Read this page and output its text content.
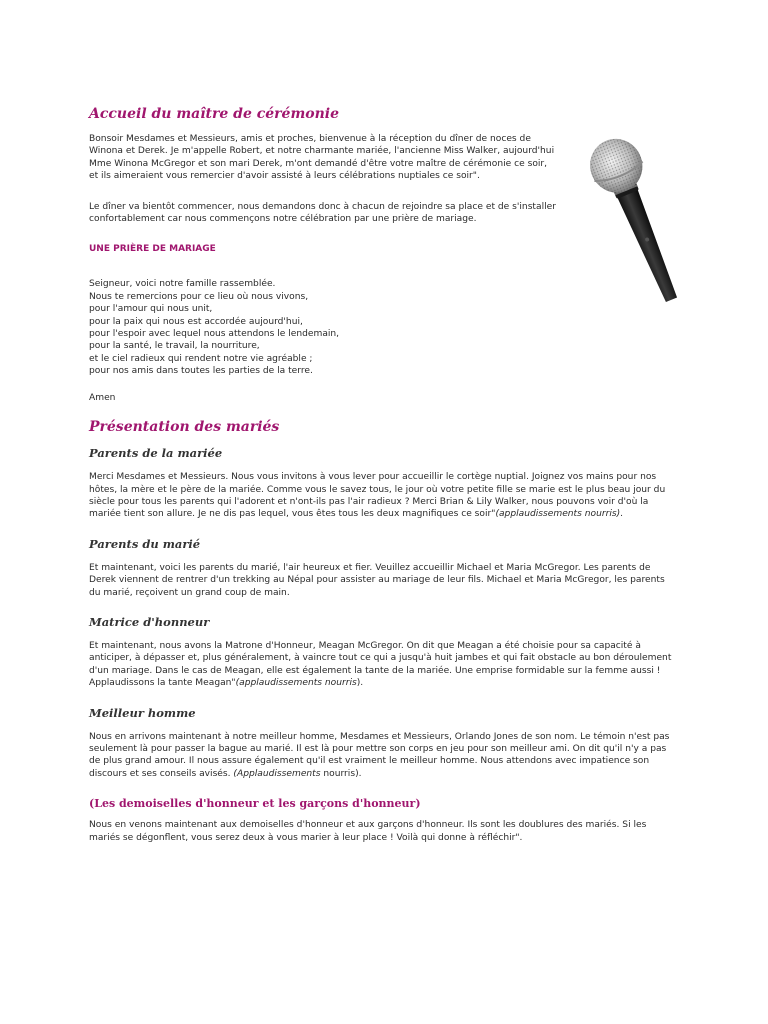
Accueil du maître de cérémonie

Bonsoir Mesdames et Messieurs, amis et proches, bienvenue à la réception du dîner de noces de Winona et Derek. Je m'appelle Robert, et notre charmante mariée, l'ancienne Miss Walker, aujourd'hui Mme Winona McGregor et son mari Derek, m'ont demandé d'être votre maître de cérémonie ce soir, et ils aimeraient vous remercier d'avoir assisté à leurs célébrations nuptiales ce soir".

Le dîner va bientôt commencer, nous demandons donc à chacun de rejoindre sa place et de s'installer confortablement car nous commençons notre célébration par une prière de mariage.

UNE PRIÈRE DE MARIAGE

Seigneur, voici notre famille rassemblée.
Nous te remercions pour ce lieu où nous vivons,
pour l'amour qui nous unit,
pour la paix qui nous est accordée aujourd'hui,
pour l'espoir avec lequel nous attendons le lendemain,
pour la santé, le travail, la nourriture,
et le ciel radieux qui rendent notre vie agréable ;
pour nos amis dans toutes les parties de la terre.

Amen

Présentation des mariés
Parents de la mariée

Merci Mesdames et Messieurs. Nous vous invitons à vous lever pour accueillir le cortège nuptial. Joignez vos mains pour nos hôtes, la mère et le père de la mariée. Comme vous le savez tous, le jour où votre petite fille se marie est le plus beau jour du siècle pour tous les parents qui l'adorent et n'ont-ils pas l'air radieux ? Merci Brian & Lily Walker, nous pouvons voir d'où la mariée tient son allure. Je ne dis pas lequel, vous êtes tous les deux magnifiques ce soir"(applaudissements nourris).

Parents du marié

Et maintenant, voici les parents du marié, l'air heureux et fier. Veuillez accueillir Michael et Maria McGregor. Les parents de Derek viennent de rentrer d'un trekking au Népal pour assister au mariage de leur fils. Michael et Maria McGregor, les parents du marié, reçoivent un grand coup de main.

Matrice d'honneur

Et maintenant, nous avons la Matrone d'Honneur, Meagan McGregor. On dit que Meagan a été choisie pour sa capacité à anticiper, à dépasser et, plus généralement, à vaincre tout ce qui a jusqu'à huit jambes et qui fait obstacle au bon déroulement d'un mariage. Dans le cas de Meagan, elle est également la tante de la mariée. Une emprise formidable sur la femme aussi ! Applaudissons la tante Meagan"(applaudissements nourris).

Meilleur homme

Nous en arrivons maintenant à notre meilleur homme, Mesdames et Messieurs, Orlando Jones de son nom. Le témoin n'est pas seulement là pour passer la bague au marié. Il est là pour mettre son corps en jeu pour son meilleur ami. On dit qu'il n'y a pas de plus grand amour. Il nous assure également qu'il est vraiment le meilleur homme. Nous attendons avec impatience son discours et ses conseils avisés. (Applaudissements nourris).

(Les demoiselles d'honneur et les garçons d'honneur)

Nous en venons maintenant aux demoiselles d'honneur et aux garçons d'honneur. Ils sont les doublures des mariés. Si les mariés se dégonflent, vous serez deux à vous marier à leur place ! Voilà qui donne à réfléchir".
